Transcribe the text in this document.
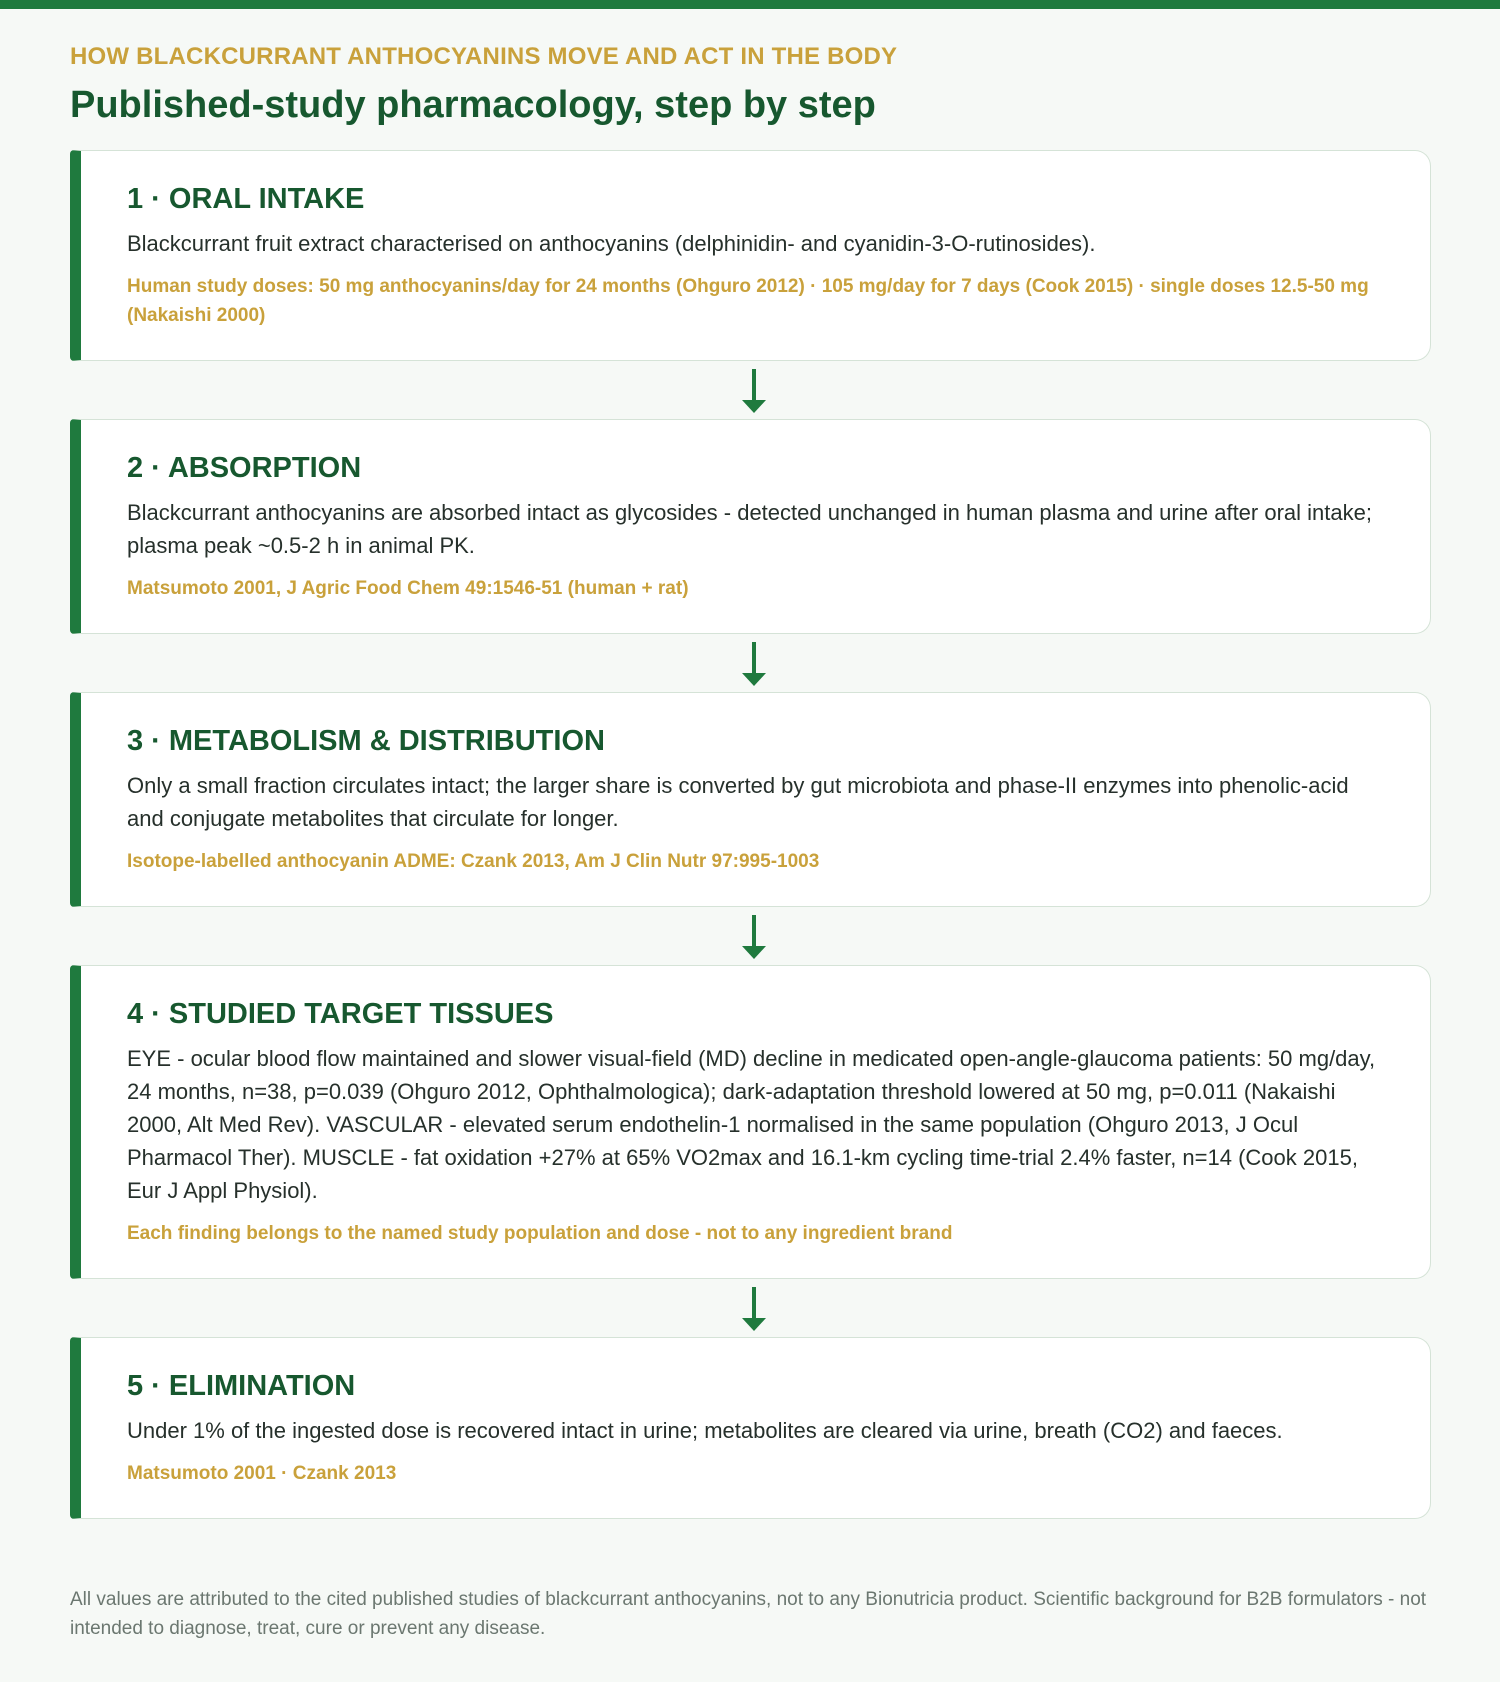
HOW BLACKCURRANT ANTHOCYANINS MOVE AND ACT IN THE BODY
Published-study pharmacology, step by step
1 · ORAL INTAKE
Blackcurrant fruit extract characterised on anthocyanins (delphinidin- and cyanidin-3-O-rutinosides).
Human study doses: 50 mg anthocyanins/day for 24 months (Ohguro 2012) · 105 mg/day for 7 days (Cook 2015) · single doses 12.5-50 mg (Nakaishi 2000)
2 · ABSORPTION
Blackcurrant anthocyanins are absorbed intact as glycosides - detected unchanged in human plasma and urine after oral intake; plasma peak ~0.5-2 h in animal PK.
Matsumoto 2001, J Agric Food Chem 49:1546-51 (human + rat)
3 · METABOLISM & DISTRIBUTION
Only a small fraction circulates intact; the larger share is converted by gut microbiota and phase-II enzymes into phenolic-acid and conjugate metabolites that circulate for longer.
Isotope-labelled anthocyanin ADME: Czank 2013, Am J Clin Nutr 97:995-1003
4 · STUDIED TARGET TISSUES
EYE - ocular blood flow maintained and slower visual-field (MD) decline in medicated open-angle-glaucoma patients: 50 mg/day, 24 months, n=38, p=0.039 (Ohguro 2012, Ophthalmologica); dark-adaptation threshold lowered at 50 mg, p=0.011 (Nakaishi 2000, Alt Med Rev). VASCULAR - elevated serum endothelin-1 normalised in the same population (Ohguro 2013, J Ocul Pharmacol Ther). MUSCLE - fat oxidation +27% at 65% VO2max and 16.1-km cycling time-trial 2.4% faster, n=14 (Cook 2015, Eur J Appl Physiol).
Each finding belongs to the named study population and dose - not to any ingredient brand
5 · ELIMINATION
Under 1% of the ingested dose is recovered intact in urine; metabolites are cleared via urine, breath (CO2) and faeces.
Matsumoto 2001 · Czank 2013
All values are attributed to the cited published studies of blackcurrant anthocyanins, not to any Bionutricia product. Scientific background for B2B formulators - not intended to diagnose, treat, cure or prevent any disease.
